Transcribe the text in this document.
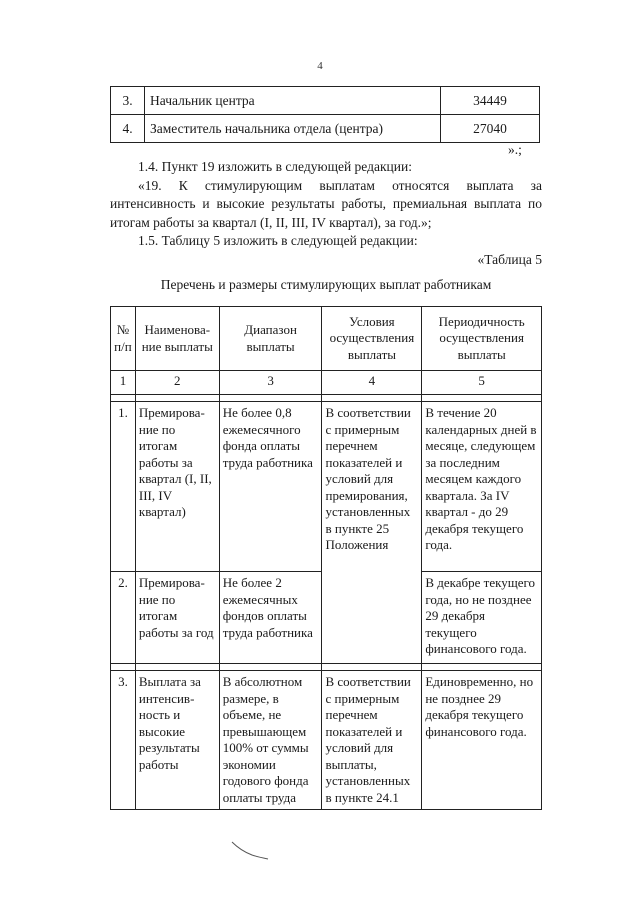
4
3.	Начальник центра	34449
4.	Заместитель начальника отдела (центра)	27040
».;

1.4. Пункт 19 изложить в следующей редакции:

«19. К стимулирующим выплатам относятся выплата за интенсивность и высокие результаты работы, премиальная выплата по итогам работы за квартал (I, II, III, IV квартал), за год.»;

1.5. Таблицу 5 изложить в следующей редакции:

«Таблица 5

Перечень и размеры стимулирующих выплат работникам
№ п/п	Наименова-ние выплаты	Диапазон выплаты	Условия осуществления выплаты	Периодичность осуществления выплаты
1	2	3	4	5

1.	Премирова-ние по итогам работы за квартал (I, II, III, IV квартал)	Не более 0,8 ежемесячного фонда оплаты труда работника	В соответствии с примерным перечнем показателей и условий для премирования, установленных в пункте 25 Положения	В течение 20 календарных дней в месяце, следующем за последним месяцем каждого квартала. За IV квартал - до 29 декабря текущего года.
2.	Премирова-ние по итогам работы за год	Не более 2 ежемесячных фондов оплаты труда работника		В декабре текущего года, но не позднее 29 декабря текущего финансового года.

3.	Выплата за интенсив-ность и высокие результаты работы	В абсолютном размере, в объеме, не превышающем 100% от суммы экономии годового фонда оплаты труда	В соответствии с примерным перечнем показателей и условий для выплаты, установленных в пункте 24.1	Единовременно, но не позднее 29 декабря текущего финансового года.
